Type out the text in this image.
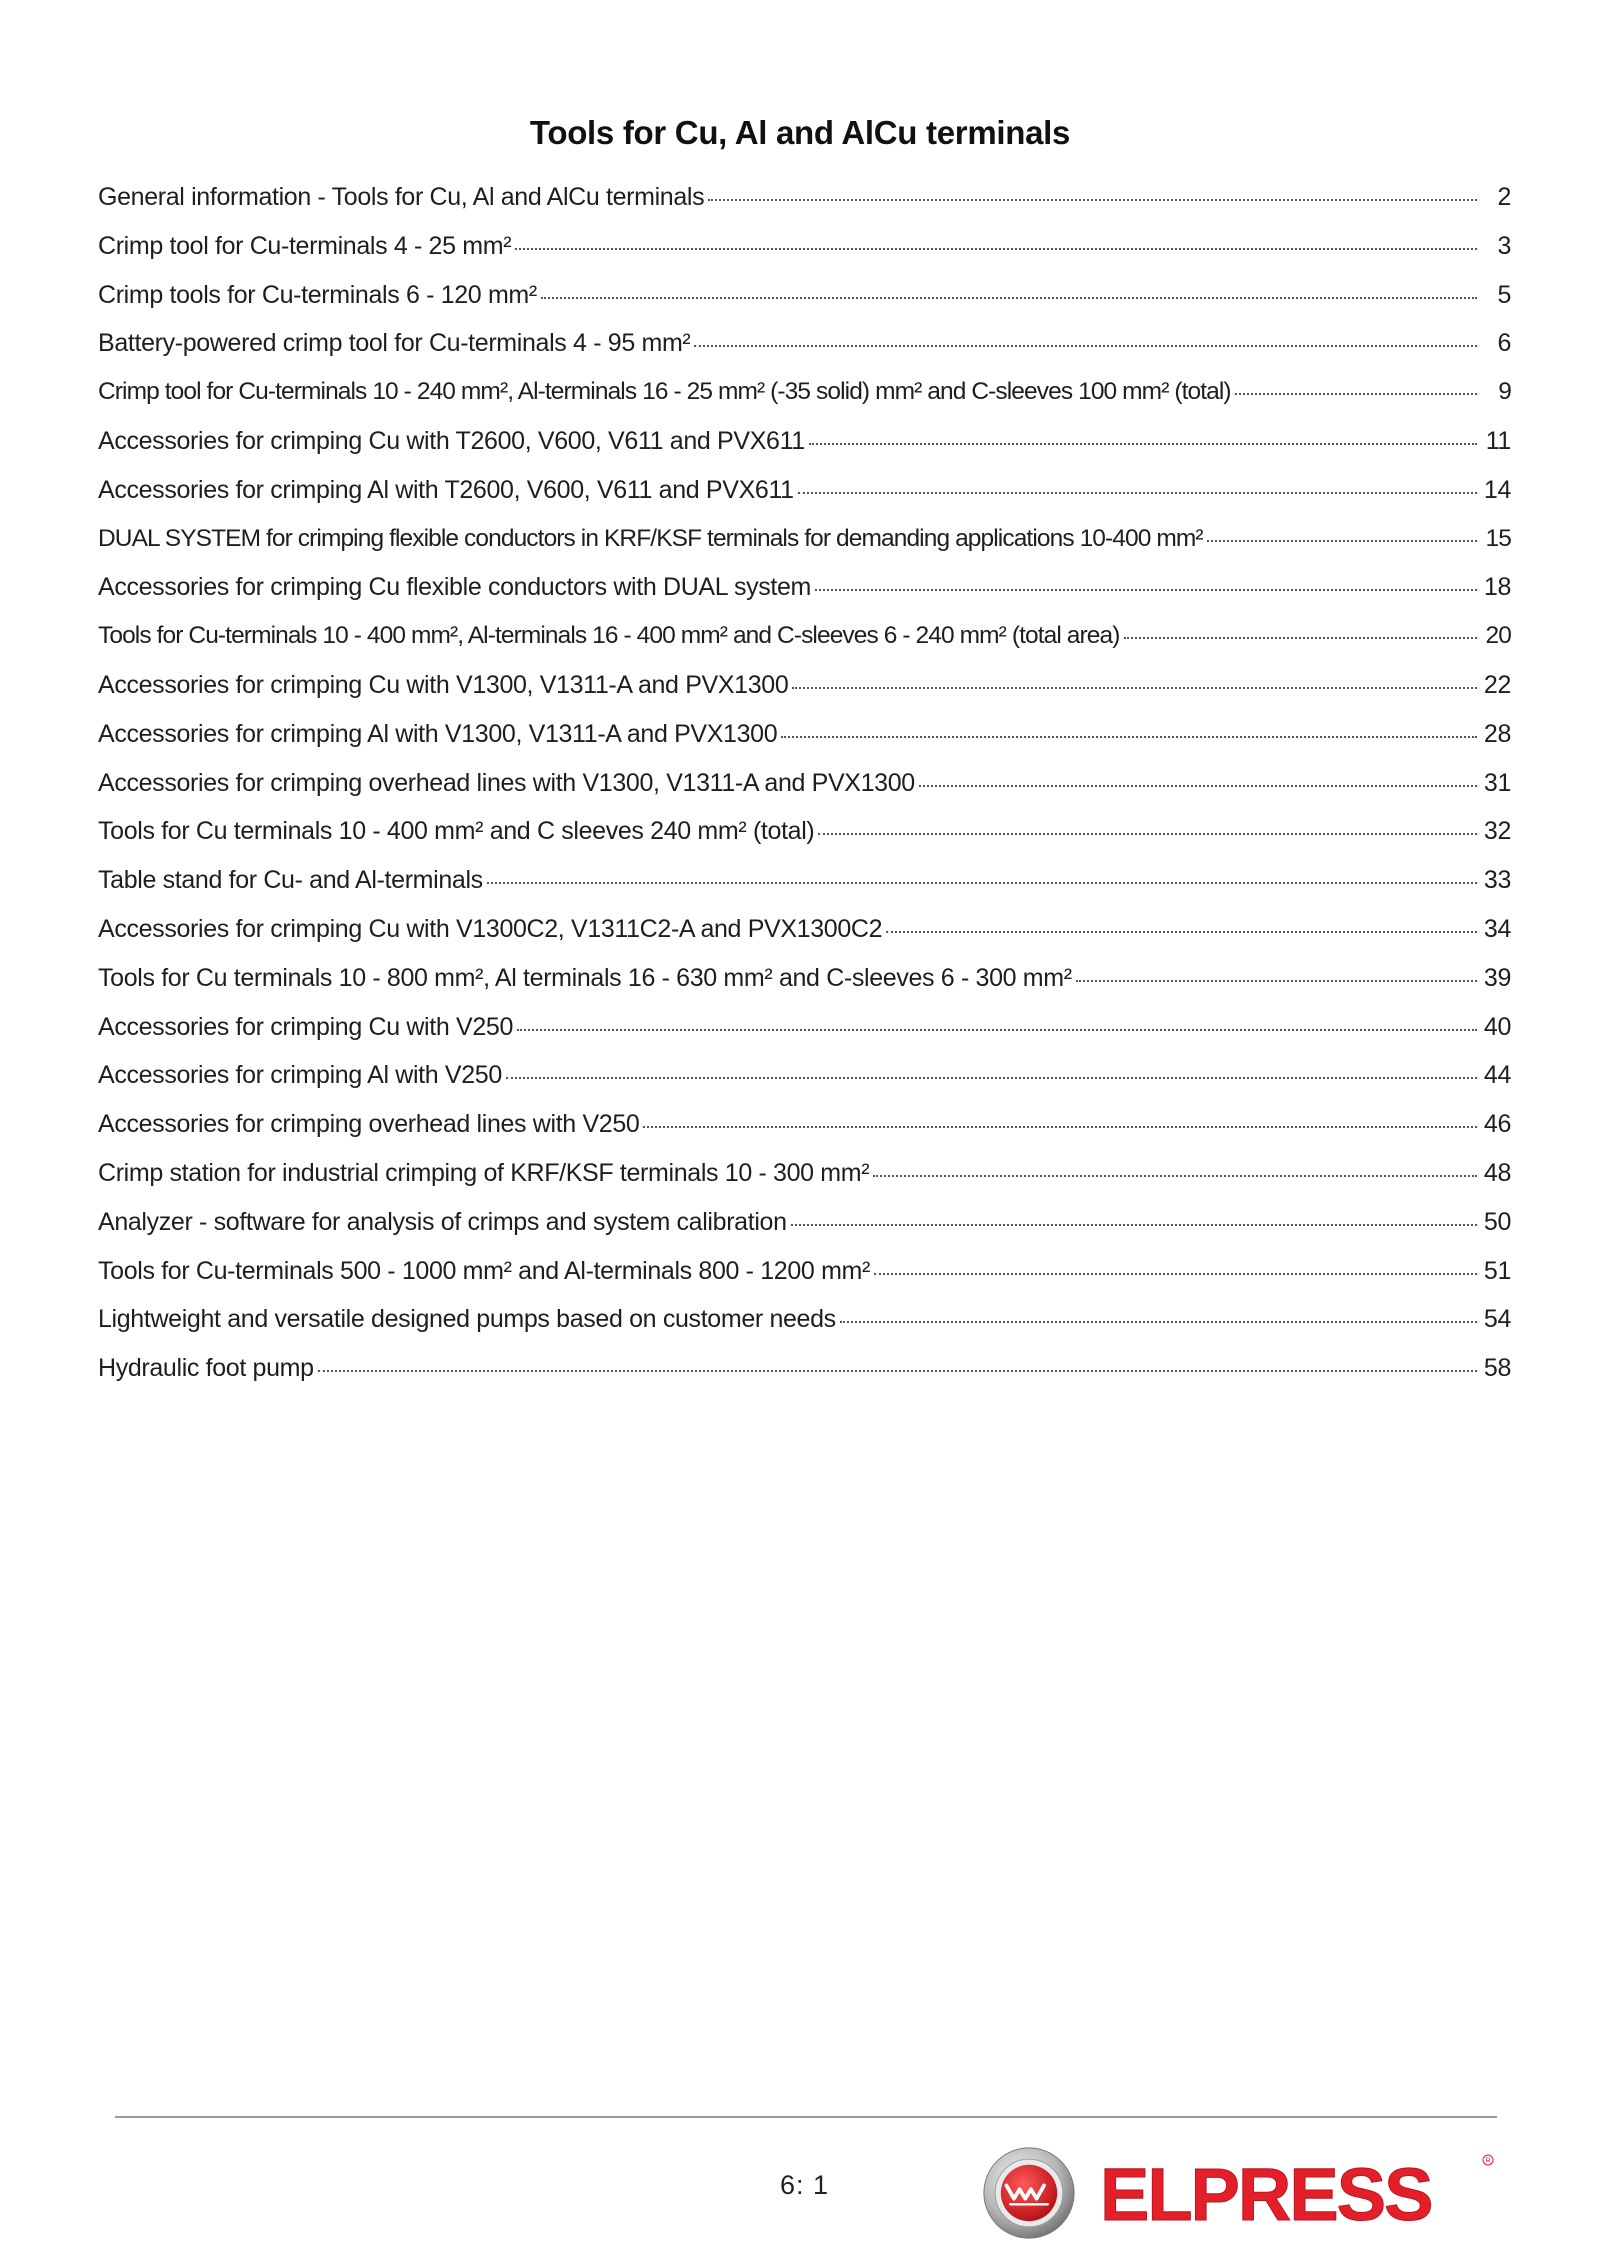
Tools for Cu, Al and AlCu terminals
General information - Tools for Cu, Al and AlCu terminals	2
Crimp tool for Cu-terminals 4 - 25 mm²	3
Crimp tools for Cu-terminals 6 - 120 mm²	5
Battery-powered crimp tool for Cu-terminals 4 - 95 mm²	6
Crimp tool for Cu-terminals 10 - 240 mm², Al-terminals 16 - 25 mm² (-35 solid) mm² and C-sleeves 100 mm² (total)	9
Accessories for crimping Cu with T2600, V600, V611 and PVX611	11
Accessories for crimping Al with T2600, V600, V611 and PVX611	14
DUAL SYSTEM for crimping flexible conductors in KRF/KSF terminals for demanding applications 10-400 mm²	15
Accessories for crimping Cu flexible conductors with DUAL system	18
Tools for Cu-terminals 10 - 400 mm², Al-terminals 16 - 400 mm² and C-sleeves 6 - 240 mm² (total area)	20
Accessories for crimping Cu with V1300, V1311-A and PVX1300	22
Accessories for crimping Al with V1300, V1311-A and PVX1300	28
Accessories for crimping overhead lines with V1300, V1311-A and PVX1300	31
Tools for Cu terminals 10 - 400 mm² and C sleeves 240 mm² (total)	32
Table stand for Cu- and Al-terminals	33
Accessories for crimping Cu with V1300C2, V1311C2-A and PVX1300C2	34
Tools for Cu terminals 10 - 800 mm², Al terminals 16 - 630 mm² and C-sleeves 6 - 300 mm²	39
Accessories for crimping Cu with V250	40
Accessories for crimping Al with V250	44
Accessories for crimping overhead lines with V250	46
Crimp station for industrial crimping of KRF/KSF terminals 10 - 300 mm²	48
Analyzer - software for analysis of crimps and system calibration	50
Tools for Cu-terminals 500 - 1000 mm² and Al-terminals 800 - 1200 mm²	51
Lightweight and versatile designed pumps based on customer needs	54
Hydraulic foot pump	58
6: 1	ELPRESS	R
